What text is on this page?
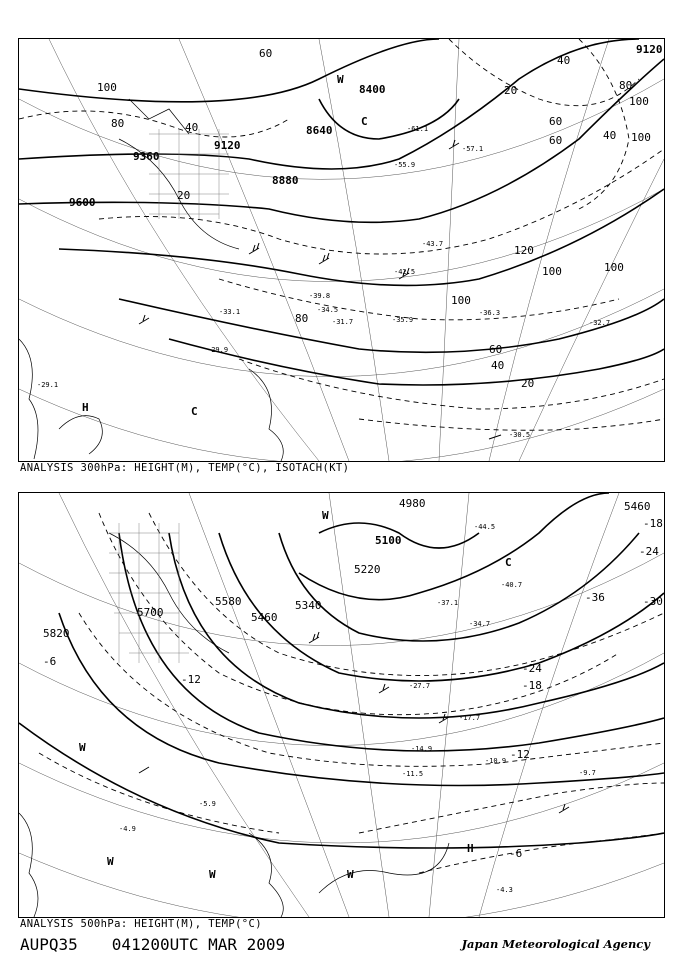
9120
8400
8640
8880
9360
9600
9120
100
80	40
60
20
40
60
80
100
100
120
100
60
40
20
80
100
20
60
40
100
-57.1
-55.9
-61.1
-43.7
-42.5
-35.9
-36.3
-39.8
-32.7
-30.5
-29.1
-29.9
-34.5
-31.7
-33.1
W
C
H	C
ANALYSIS 300hPa: HEIGHT(M), TEMP(°C), ISOTACH(KT)
4980
5100
5220
5340
5460
5580
5700
5820
5460
-18
-24
-30
-36
-24
-18
-12
-12
-6
-6
-44.5
-37.1
-40.7
-34.7
-27.7
-17.7
-14.9
-11.5
-10.9
-9.7
-4.3
-4.9
-5.9
W
C
W
W
W
H
W
ANALYSIS 500hPa: HEIGHT(M), TEMP(°C)
AUPQ35 041200UTC MAR 2009	Japan Meteorological Agency
